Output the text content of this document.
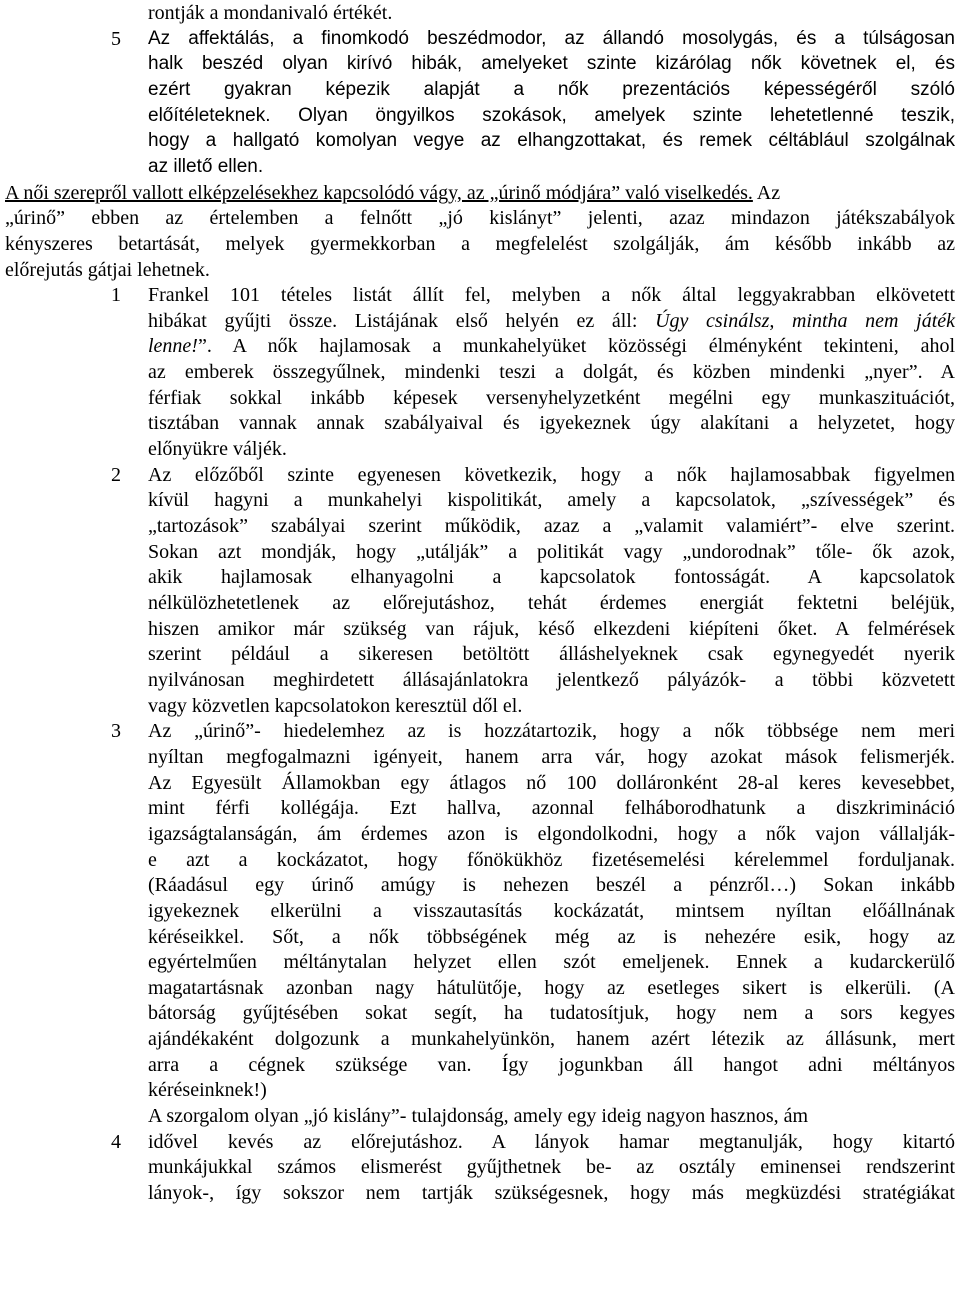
rontják a mondanivaló értékét.
5 Az affektálás, a finomkodó beszédmodor, az állandó mosolygás, és a túlságosan
halk beszéd olyan kirívó hibák, amelyeket szinte kizárólag nők követnek el, és
ezért gyakran képezik alapját a nők prezentációs képességéről szóló
előítéleteknek. Olyan öngyilkos szokások, amelyek szinte lehetetlenné teszik,
hogy a hallgató komolyan vegye az elhangzottakat, és remek céltáblául szolgálnak
az illető ellen.
A női szerepről vallott elképzelésekhez kapcsolódó vágy, az „úrinő módjára” való viselkedés. Az
„úrinő” ebben az értelemben a felnőtt „jó kislányt” jelenti, azaz mindazon játékszabályok
kényszeres betartását, melyek gyermekkorban a megfelelést szolgálják, ám később inkább az
előrejutás gátjai lehetnek.
1 Frankel 101 tételes listát állít fel, melyben a nők által leggyakrabban elkövetett
hibákat gyűjti össze. Listájának első helyén ez áll: Úgy csinálsz, mintha nem játék
lenne!”. A nők hajlamosak a munkahelyüket közösségi élményként tekinteni, ahol
az emberek összegyűlnek, mindenki teszi a dolgát, és közben mindenki „nyer”. A
férfiak sokkal inkább képesek versenyhelyzetként megélni egy munkaszituációt,
tisztában vannak annak szabályaival és igyekeznek úgy alakítani a helyzetet, hogy
előnyükre váljék.
2 Az előzőből szinte egyenesen következik, hogy a nők hajlamosabbak figyelmen
kívül hagyni a munkahelyi kispolitikát, amely a kapcsolatok, „szívességek” és
„tartozások” szabályai szerint működik, azaz a „valamit valamiért”- elve szerint.
Sokan azt mondják, hogy „utálják” a politikát vagy „undorodnak” tőle- ők azok,
akik hajlamosak elhanyagolni a kapcsolatok fontosságát. A kapcsolatok
nélkülözhetetlenek az előrejutáshoz, tehát érdemes energiát fektetni beléjük,
hiszen amikor már szükség van rájuk, késő elkezdeni kiépíteni őket. A felmérések
szerint például a sikeresen betöltött álláshelyeknek csak egynegyedét nyerik
nyilvánosan meghirdetett állásajánlatokra jelentkező pályázók- a többi közvetett
vagy közvetlen kapcsolatokon keresztül dől el.
3 Az „úrinő”- hiedelemhez az is hozzátartozik, hogy a nők többsége nem meri
nyíltan megfogalmazni igényeit, hanem arra vár, hogy azokat mások felismerjék.
Az Egyesült Államokban egy átlagos nő 100 dolláronként 28-al keres kevesebbet,
mint férfi kollégája. Ezt hallva, azonnal felháborodhatunk a diszkrimináció
igazságtalanságán, ám érdemes azon is elgondolkodni, hogy a nők vajon vállalják-
e azt a kockázatot, hogy főnökükhöz fizetésemelési kérelemmel forduljanak.
(Ráadásul egy úrinő amúgy is nehezen beszél a pénzről…) Sokan inkább
igyekeznek elkerülni a visszautasítás kockázatát, mintsem nyíltan előállnának
kéréseikkel. Sőt, a nők többségének még az is nehezére esik, hogy az
egyértelműen méltánytalan helyzet ellen szót emeljenek. Ennek a kudarckerülő
magatartásnak azonban nagy hátulütője, hogy az esetleges sikert is elkerüli. (A
bátorság gyűjtésében sokat segít, ha tudatosítjuk, hogy nem a sors kegyes
ajándékaként dolgozunk a munkahelyünkön, hanem azért létezik az állásunk, mert
arra a cégnek szüksége van. Így jogunkban áll hangot adni méltányos
kéréseinknek!)
A szorgalom olyan „jó kislány”- tulajdonság, amely egy ideig nagyon hasznos, ám
4 idővel kevés az előrejutáshoz. A lányok hamar megtanulják, hogy kitartó
munkájukkal számos elismerést gyűjthetnek be- az osztály eminensei rendszerint
lányok-, így sokszor nem tartják szükségesnek, hogy más megküzdési stratégiákat
